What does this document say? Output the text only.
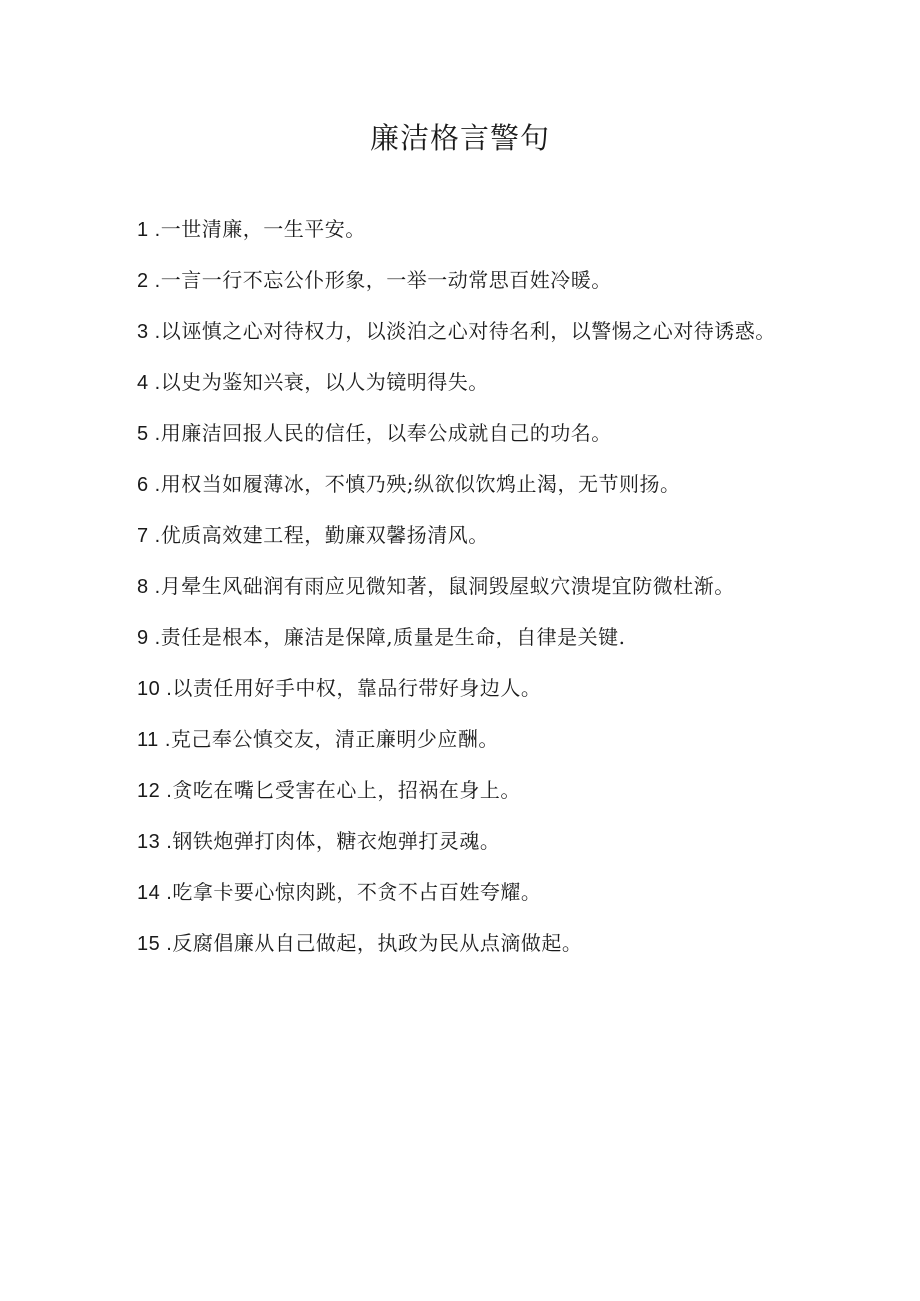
廉洁格言警句
1 .一世清廉，一生平安。
2 .一言一行不忘公仆形象，一举一动常思百姓冷暖。
3 .以诬慎之心对待权力，以淡泊之心对待名利，以警惕之心对待诱惑。
4 .以史为鉴知兴衰，以人为镜明得失。
5 .用廉洁回报人民的信任，以奉公成就自己的功名。
6 .用权当如履薄冰，不慎乃殃;纵欲似饮鸩止渴，无节则扬。
7 .优质高效建工程，勤廉双馨扬清风。
8 .月晕生风础润有雨应见微知著，鼠洞毁屋蚁穴溃堤宜防微杜渐。
9 .责任是根本，廉洁是保障,质量是生命，自律是关键.
10 .以责任用好手中权，靠品行带好身边人。
11 .克己奉公慎交友，清正廉明少应酬。
12 .贪吃在嘴匕受害在心上，招祸在身上。
13 .钢铁炮弹打肉体，糖衣炮弹打灵魂。
14 .吃拿卡要心惊肉跳，不贪不占百姓夸耀。
15 .反腐倡廉从自己做起，执政为民从点滴做起。
